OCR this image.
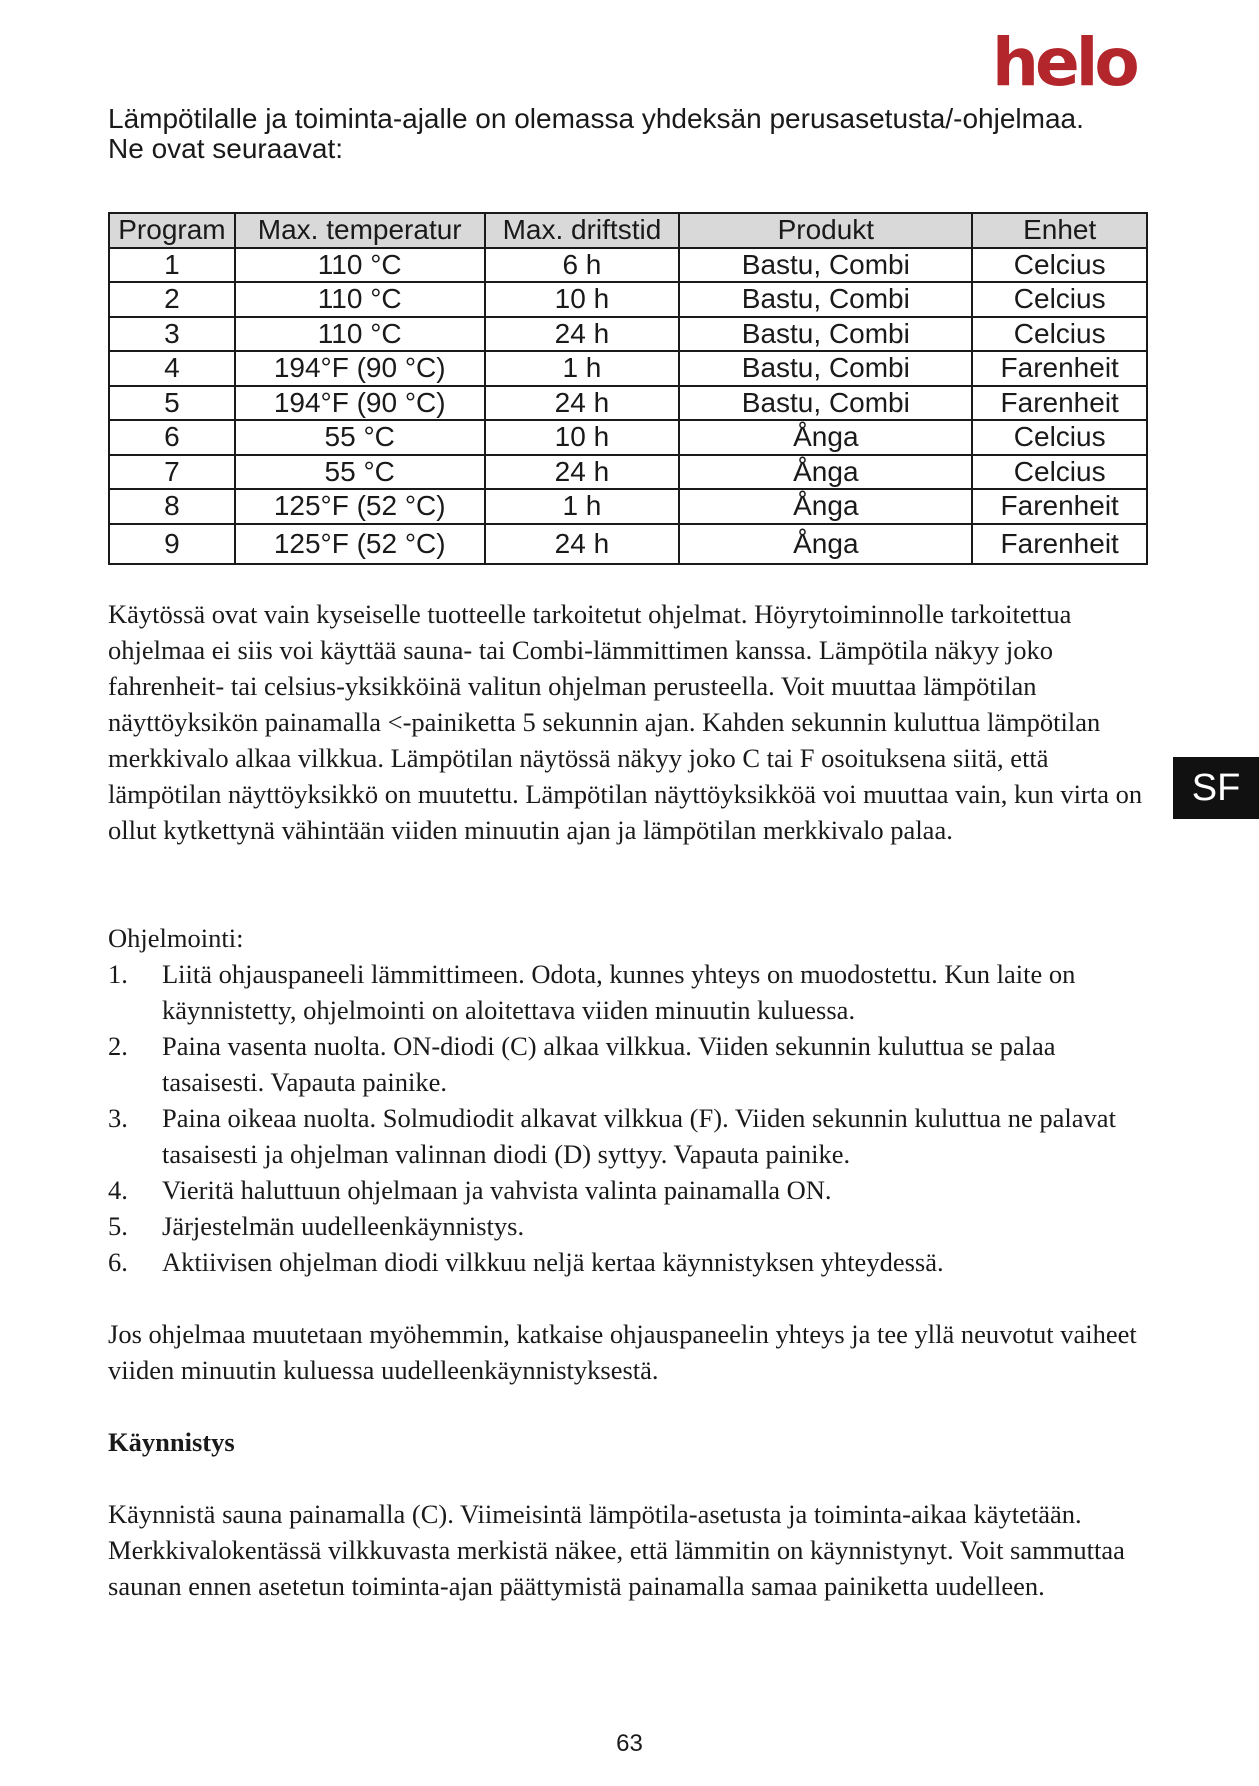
helo

Lämpötilalle ja toiminta-ajalle on olemassa yhdeksän perusasetusta/-ohjelmaa. Ne ovat seuraavat:

Program	Max. temperatur	Max. driftstid	Produkt	Enhet
1	110 °C	6 h	Bastu, Combi	Celcius
2	110 °C	10 h	Bastu, Combi	Celcius
3	110 °C	24 h	Bastu, Combi	Celcius
4	194°F (90 °C)	1 h	Bastu, Combi	Farenheit
5	194°F (90 °C)	24 h	Bastu, Combi	Farenheit
6	55 °C	10 h	Ånga	Celcius
7	55 °C	24 h	Ånga	Celcius
8	125°F (52 °C)	1 h	Ånga	Farenheit
9	125°F (52 °C)	24 h	Ånga	Farenheit
SF

Käytössä ovat vain kyseiselle tuotteelle tarkoitetut ohjelmat. Höyrytoiminnolle tarkoitettua ohjelmaa ei siis voi käyttää sauna- tai Combi-lämmittimen kanssa. Lämpötila näkyy joko fahrenheit- tai celsius-yksikköinä valitun ohjelman perusteella. Voit muuttaa lämpötilan näyttöyksikön painamalla <-painiketta 5 sekunnin ajan. Kahden sekunnin kuluttua lämpötilan merkkivalo alkaa vilkkua. Lämpötilan näytössä näkyy joko C tai F osoituksena siitä, että lämpötilan näyttöyksikkö on muutettu. Lämpötilan näyttöyksikköä voi muuttaa vain, kun virta on ollut kytkettynä vähintään viiden minuutin ajan ja lämpötilan merkkivalo palaa.

Ohjelmointi:

1.	Liitä ohjauspaneeli lämmittimeen. Odota, kunnes yhteys on muodostettu. Kun laite on käynnistetty, ohjelmointi on aloitettava viiden minuutin kuluessa.
2.	Paina vasenta nuolta. ON-diodi (C) alkaa vilkkua. Viiden sekunnin kuluttua se palaa tasaisesti. Vapauta painike.
3.	Paina oikeaa nuolta. Solmudiodit alkavat vilkkua (F). Viiden sekunnin kuluttua ne palavat tasaisesti ja ohjelman valinnan diodi (D) syttyy. Vapauta painike.
4.	Vieritä haluttuun ohjelmaan ja vahvista valinta painamalla ON.
5.	Järjestelmän uudelleenkäynnistys.
6.	Aktiivisen ohjelman diodi vilkkuu neljä kertaa käynnistyksen yhteydessä.

Jos ohjelmaa muutetaan myöhemmin, katkaise ohjauspaneelin yhteys ja tee yllä neuvotut vaiheet viiden minuutin kuluessa uudelleenkäynnistyksestä.

Käynnistys

Käynnistä sauna painamalla (C). Viimeisintä lämpötila-asetusta ja toiminta-aikaa käytetään. Merkkivalokentässä vilkkuvasta merkistä näkee, että lämmitin on käynnistynyt. Voit sammuttaa saunan ennen asetetun toiminta-ajan päättymistä painamalla samaa painiketta uudelleen.

63
